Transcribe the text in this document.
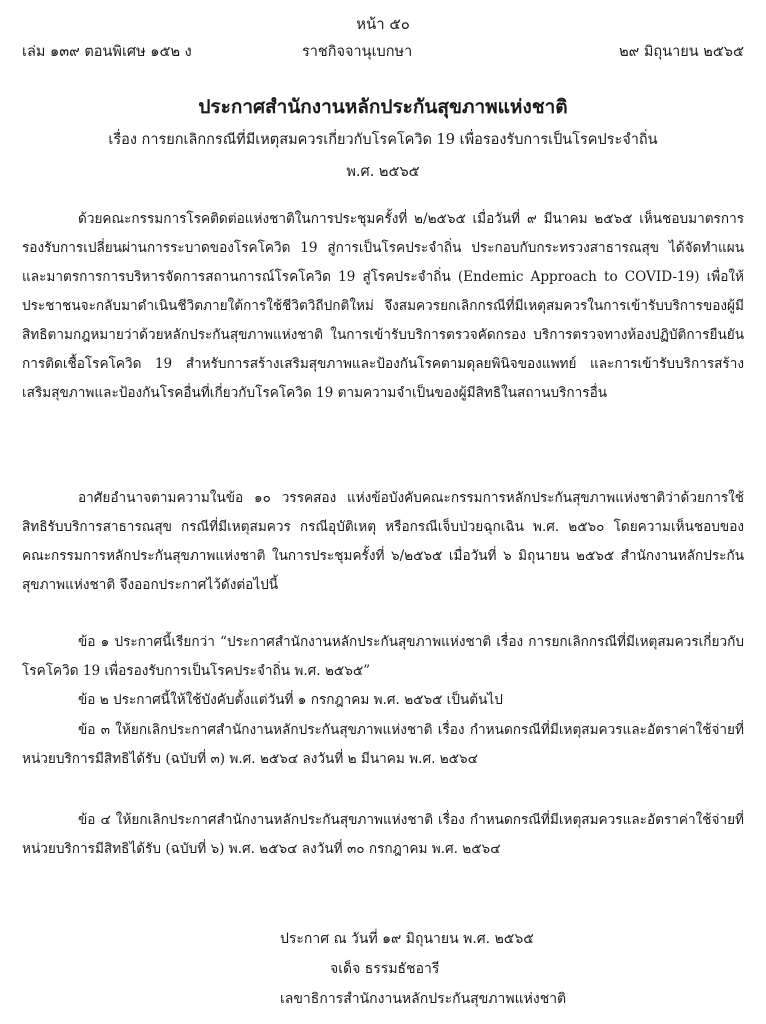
หน้า ๕๐
เล่ม ๑๓๙ ตอนพิเศษ ๑๕๒ ง	ราชกิจจานุเบกษา	๒๙ มิถุนายน ๒๕๖๕
ประกาศสำนักงานหลักประกันสุขภาพแห่งชาติ
เรื่อง การยกเลิกกรณีที่มีเหตุสมควรเกี่ยวกับโรคโควิด 19 เพื่อรองรับการเป็นโรคประจำถิ่น
พ.ศ. ๒๕๖๕
ด้วยคณะกรรมการโรคติดต่อแห่งชาติในการประชุมครั้งที่ ๒/๒๕๖๕ เมื่อวันที่ ๙ มีนาคม ๒๕๖๕ เห็นชอบมาตรการรองรับการเปลี่ยนผ่านการระบาดของโรคโควิด 19 สู่การเป็นโรคประจำถิ่น ประกอบกับกระทรวงสาธารณสุข ได้จัดทำแผนและมาตรการการบริหารจัดการสถานการณ์โรคโควิด 19 สู่โรคประจำถิ่น (Endemic Approach to COVID-19) เพื่อให้ประชาชนจะกลับมาดำเนินชีวิตภายใต้การใช้ชีวิตวิถีปกติใหม่ จึงสมควรยกเลิกกรณีที่มีเหตุสมควรในการเข้ารับบริการของผู้มีสิทธิตามกฎหมายว่าด้วยหลักประกันสุขภาพแห่งชาติ ในการเข้ารับบริการตรวจคัดกรอง บริการตรวจทางห้องปฏิบัติการยืนยันการติดเชื้อโรคโควิด 19 สำหรับการสร้างเสริมสุขภาพและป้องกันโรคตามดุลยพินิจของแพทย์ และการเข้ารับบริการสร้างเสริมสุขภาพและป้องกันโรคอื่นที่เกี่ยวกับโรคโควิด 19 ตามความจำเป็นของผู้มีสิทธิในสถานบริการอื่น
อาศัยอำนาจตามความในข้อ ๑๐ วรรคสอง แห่งข้อบังคับคณะกรรมการหลักประกันสุขภาพแห่งชาติว่าด้วยการใช้สิทธิรับบริการสาธารณสุข กรณีที่มีเหตุสมควร กรณีอุบัติเหตุ หรือกรณีเจ็บป่วยฉุกเฉิน พ.ศ. ๒๕๖๐ โดยความเห็นชอบของคณะกรรมการหลักประกันสุขภาพแห่งชาติ ในการประชุมครั้งที่ ๖/๒๕๖๕ เมื่อวันที่ ๖ มิถุนายน ๒๕๖๕ สำนักงานหลักประกันสุขภาพแห่งชาติ จึงออกประกาศไว้ดังต่อไปนี้
ข้อ ๑ ประกาศนี้เรียกว่า “ประกาศสำนักงานหลักประกันสุขภาพแห่งชาติ เรื่อง การยกเลิกกรณีที่มีเหตุสมควรเกี่ยวกับโรคโควิด 19 เพื่อรองรับการเป็นโรคประจำถิ่น พ.ศ. ๒๕๖๕”
ข้อ ๒ ประกาศนี้ให้ใช้บังคับตั้งแต่วันที่ ๑ กรกฎาคม พ.ศ. ๒๕๖๕ เป็นต้นไป
ข้อ ๓ ให้ยกเลิกประกาศสำนักงานหลักประกันสุขภาพแห่งชาติ เรื่อง กำหนดกรณีที่มีเหตุสมควรและอัตราค่าใช้จ่ายที่หน่วยบริการมีสิทธิได้รับ (ฉบับที่ ๓) พ.ศ. ๒๕๖๔ ลงวันที่ ๒ มีนาคม พ.ศ. ๒๕๖๔
ข้อ ๔ ให้ยกเลิกประกาศสำนักงานหลักประกันสุขภาพแห่งชาติ เรื่อง กำหนดกรณีที่มีเหตุสมควรและอัตราค่าใช้จ่ายที่หน่วยบริการมีสิทธิได้รับ (ฉบับที่ ๖) พ.ศ. ๒๕๖๔ ลงวันที่ ๓๐ กรกฎาคม พ.ศ. ๒๕๖๔
ประกาศ ณ วันที่ ๑๙ มิถุนายน พ.ศ. ๒๕๖๕
จเด็จ ธรรมธัชอารี
เลขาธิการสำนักงานหลักประกันสุขภาพแห่งชาติ
